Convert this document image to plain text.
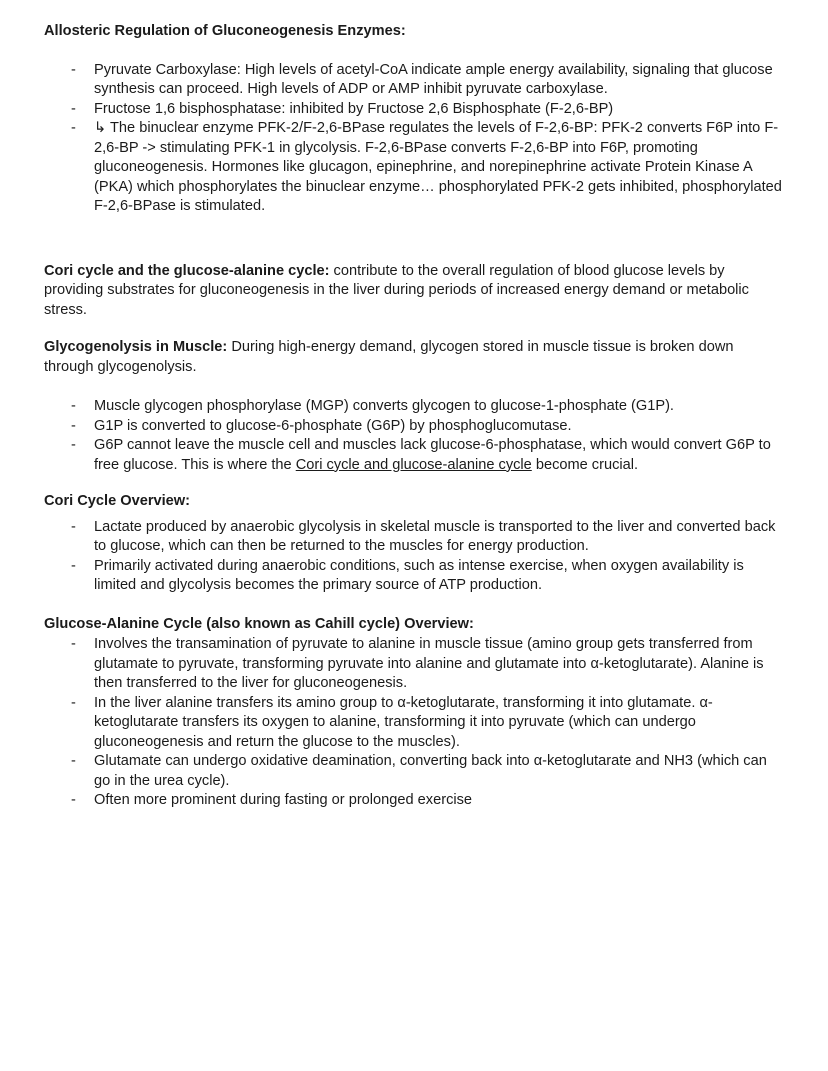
Allosteric Regulation of Gluconeogenesis Enzymes:

- Pyruvate Carboxylase: High levels of acetyl-CoA indicate ample energy availability, signaling that glucose synthesis can proceed. High levels of ADP or AMP inhibit pyruvate carboxylase.
- Fructose 1,6 bisphosphatase: inhibited by Fructose 2,6 Bisphosphate (F-2,6-BP)
- ↳ The binuclear enzyme PFK-2/F-2,6-BPase regulates the levels of F-2,6-BP: PFK-2 converts F6P into F-2,6-BP -> stimulating PFK-1 in glycolysis. F-2,6-BPase converts F-2,6-BP into F6P, promoting gluconeogenesis. Hormones like glucagon, epinephrine, and norepinephrine activate Protein Kinase A (PKA) which phosphorylates the binuclear enzyme… phosphorylated PFK-2 gets inhibited, phosphorylated F-2,6-BPase is stimulated.

Cori cycle and the glucose-alanine cycle: contribute to the overall regulation of blood glucose levels by providing substrates for gluconeogenesis in the liver during periods of increased energy demand or metabolic stress.

Glycogenolysis in Muscle: During high-energy demand, glycogen stored in muscle tissue is broken down through glycogenolysis.

- Muscle glycogen phosphorylase (MGP) converts glycogen to glucose-1-phosphate (G1P).
- G1P is converted to glucose-6-phosphate (G6P) by phosphoglucomutase.
- G6P cannot leave the muscle cell and muscles lack glucose-6-phosphatase, which would convert G6P to free glucose. This is where the Cori cycle and glucose-alanine cycle become crucial.

Cori Cycle Overview:

- Lactate produced by anaerobic glycolysis in skeletal muscle is transported to the liver and converted back to glucose, which can then be returned to the muscles for energy production.
- Primarily activated during anaerobic conditions, such as intense exercise, when oxygen availability is limited and glycolysis becomes the primary source of ATP production.

Glucose-Alanine Cycle (also known as Cahill cycle) Overview:

- Involves the transamination of pyruvate to alanine in muscle tissue (amino group gets transferred from glutamate to pyruvate, transforming pyruvate into alanine and glutamate into α-ketoglutarate). Alanine is then transferred to the liver for gluconeogenesis.
- In the liver alanine transfers its amino group to α-ketoglutarate, transforming it into glutamate. α-ketoglutarate transfers its oxygen to alanine, transforming it into pyruvate (which can undergo gluconeogenesis and return the glucose to the muscles).
- Glutamate can undergo oxidative deamination, converting back into α-ketoglutarate and NH3 (which can go in the urea cycle).
- Often more prominent during fasting or prolonged exercise
